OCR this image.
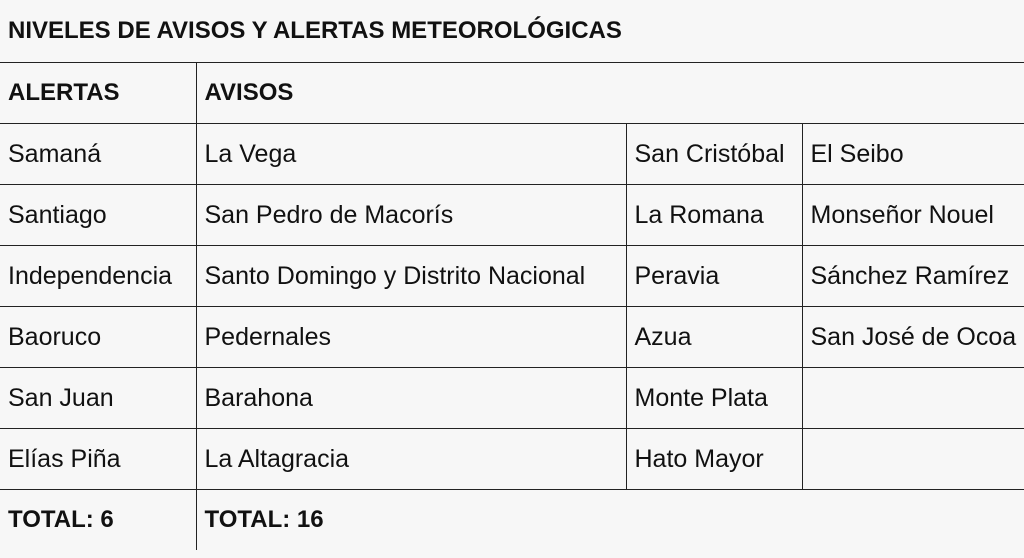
NIVELES DE AVISOS Y ALERTAS METEOROLÓGICAS			
ALERTAS	AVISOS		
Samaná	La Vega	San Cristóbal	El Seibo
Santiago	San Pedro de Macorís	La Romana	Monseñor Nouel
Independencia	Santo Domingo y Distrito Nacional	Peravia	Sánchez Ramírez
Baoruco	Pedernales	Azua	San José de Ocoa
San Juan	Barahona	Monte Plata	
Elías Piña	La Altagracia	Hato Mayor	
TOTAL: 6	TOTAL: 16		
